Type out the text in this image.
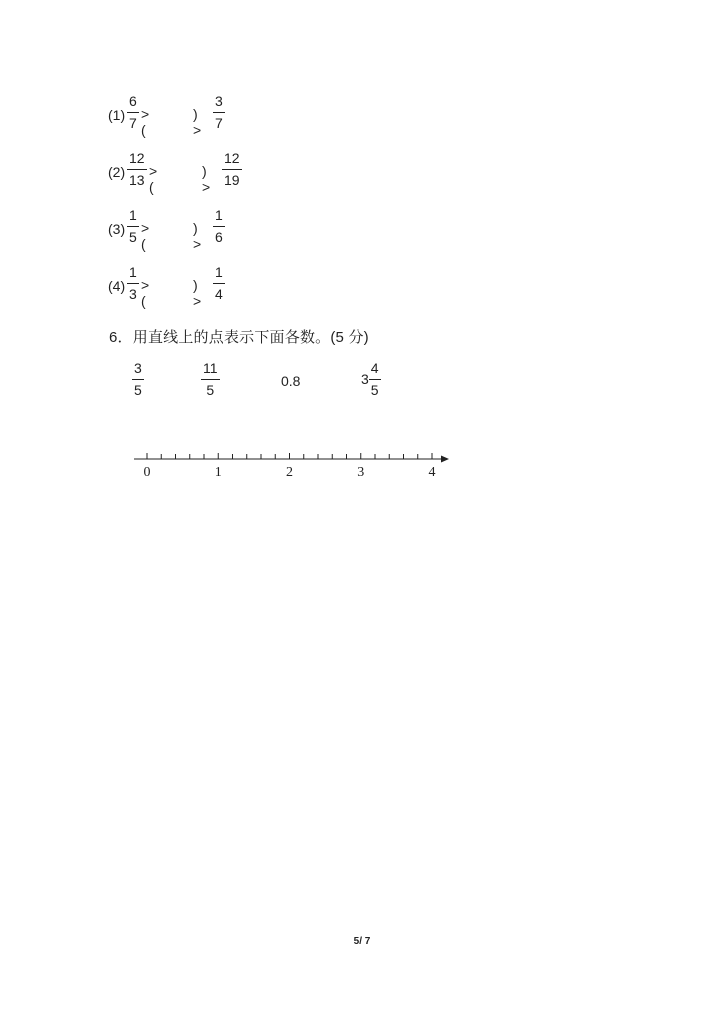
(1)
6
7
> (
) >
3
7
(2)
12
13
> (
) >
12
19
(3)
1
5
> (
) >
1
6
(4)
1
3
> (
) >
1
4
6．用直线上的点表示下面各数。(5 分)
3
5
11
5
0.8	$3 \frac{4}{5}$
0	1	2	3	4
5/ 7
